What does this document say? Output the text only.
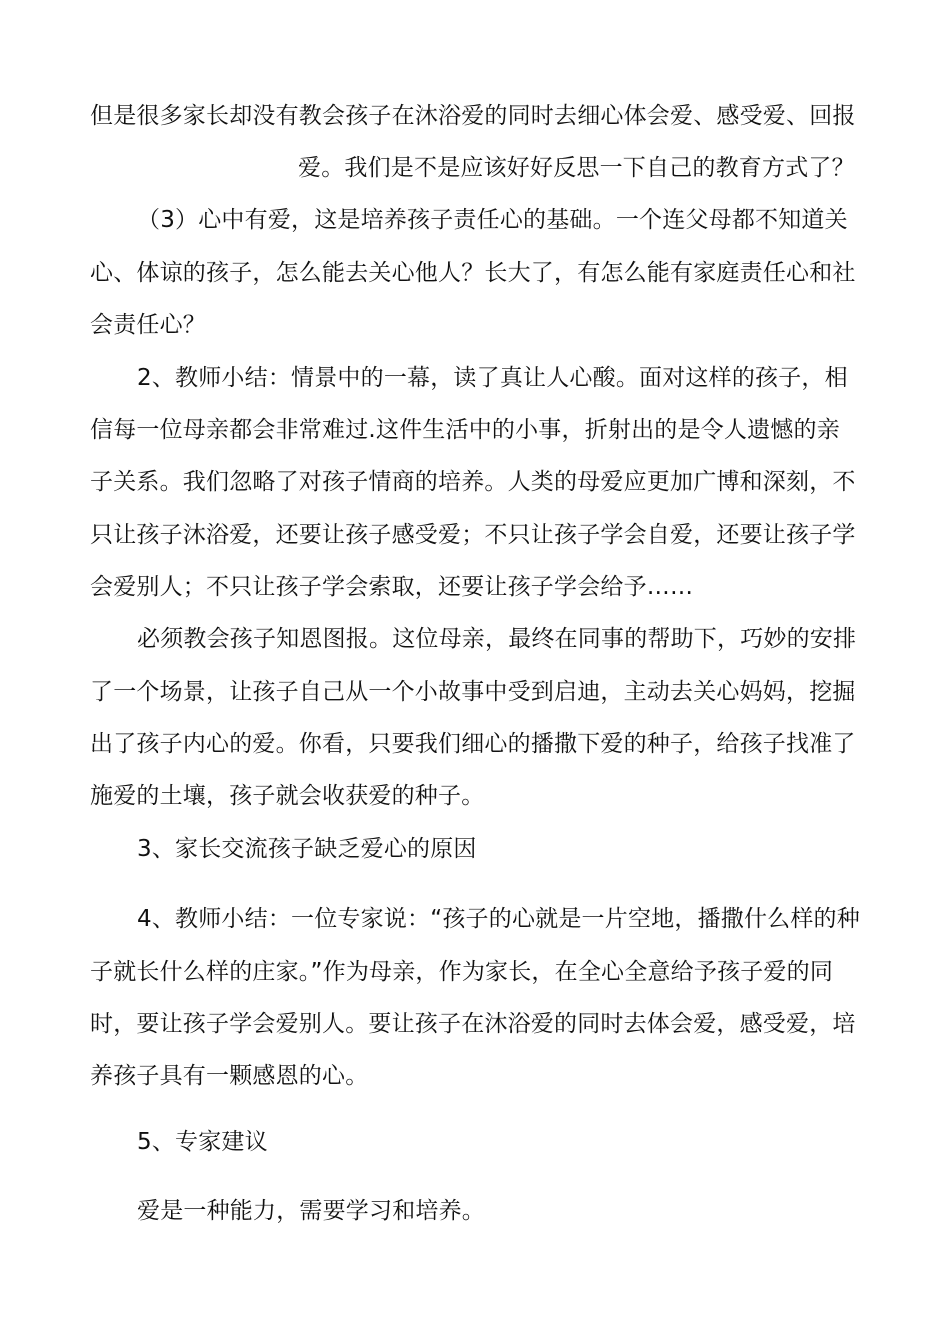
但是很多家长却没有教会孩子在沐浴爱的同时去细心体会爱、感受爱、回报
爱。我们是不是应该好好反思一下自己的教育方式了？
（3）心中有爱，这是培养孩子责任心的基础。一个连父母都不知道关
心、体谅的孩子，怎么能去关心他人？长大了，有怎么能有家庭责任心和社
会责任心？
2、教师小结：情景中的一幕，读了真让人心酸。面对这样的孩子，相
信每一位母亲都会非常难过.这件生活中的小事，折射出的是令人遗憾的亲
子关系。我们忽略了对孩子情商的培养。人类的母爱应更加广博和深刻，不
只让孩子沐浴爱，还要让孩子感受爱；不只让孩子学会自爱，还要让孩子学
会爱别人；不只让孩子学会索取，还要让孩子学会给予……
必须教会孩子知恩图报。这位母亲，最终在同事的帮助下，巧妙的安排
了一个场景，让孩子自己从一个小故事中受到启迪，主动去关心妈妈，挖掘
出了孩子内心的爱。你看，只要我们细心的播撒下爱的种子，给孩子找准了
施爱的土壤，孩子就会收获爱的种子。
3、家长交流孩子缺乏爱心的原因
4、教师小结：一位专家说：“孩子的心就是一片空地，播撒什么样的种
子就长什么样的庄家。”作为母亲，作为家长，在全心全意给予孩子爱的同
时，要让孩子学会爱别人。要让孩子在沐浴爱的同时去体会爱，感受爱，培
养孩子具有一颗感恩的心。
5、专家建议
爱是一种能力，需要学习和培养。
